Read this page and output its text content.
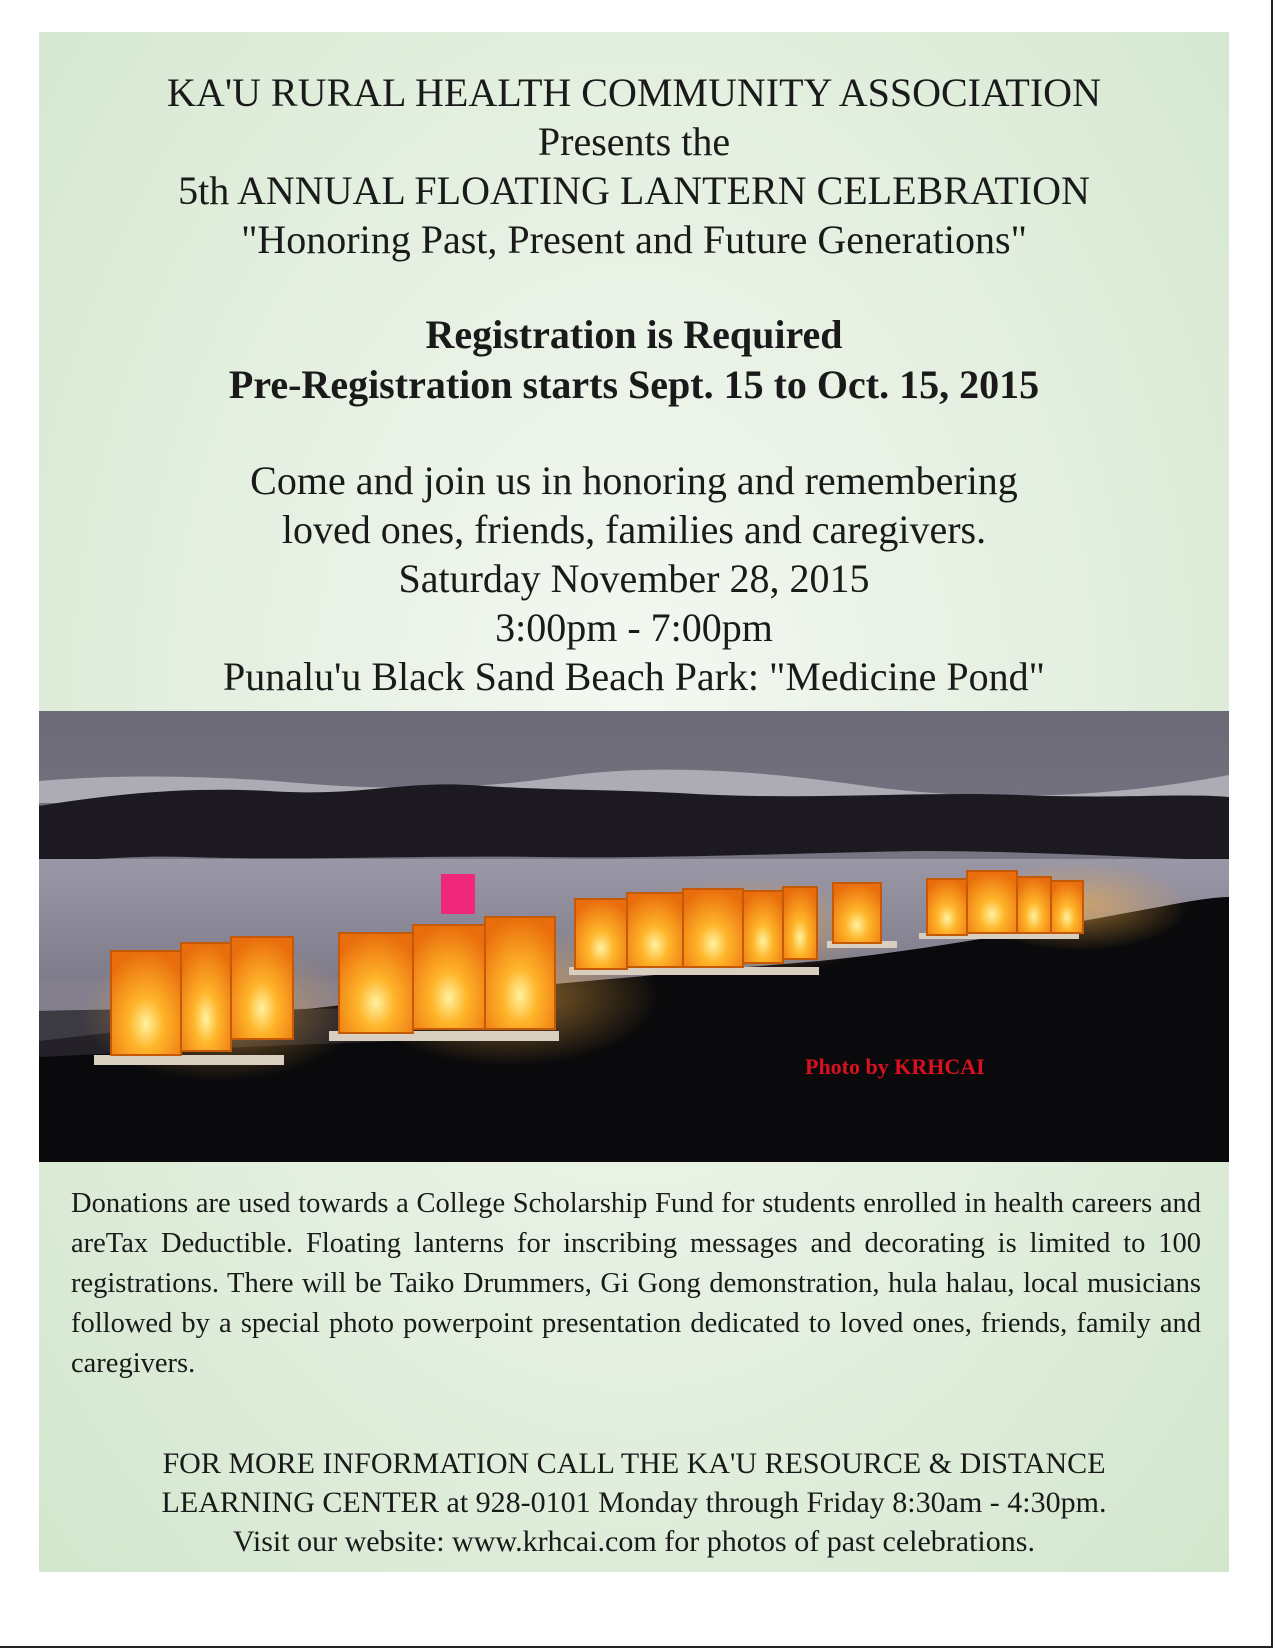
KA'U RURAL HEALTH COMMUNITY ASSOCIATION

Presents the

5th ANNUAL FLOATING LANTERN CELEBRATION

"Honoring Past, Present and Future Generations"

Registration is Required

Pre-Registration starts Sept. 15 to Oct. 15, 2015

Come and join us in honoring and remembering

loved ones, friends, families and caregivers.

Saturday November 28, 2015

3:00pm - 7:00pm

Punalu'u Black Sand Beach Park: "Medicine Pond"

Photo by KRHCAI

Donations are used towards a College Scholarship Fund for students enrolled in health careers and areTax Deductible. Floating lanterns for inscribing messages and decorating is limited to 100 registrations. There will be Taiko Drummers, Gi Gong demonstration, hula halau, local musicians followed by a special photo powerpoint presentation dedicated to loved ones, friends, family and caregivers.

FOR MORE INFORMATION CALL THE KA'U RESOURCE & DISTANCE

LEARNING CENTER at 928-0101 Monday through Friday 8:30am - 4:30pm.

Visit our website: www.krhcai.com for photos of past celebrations.
